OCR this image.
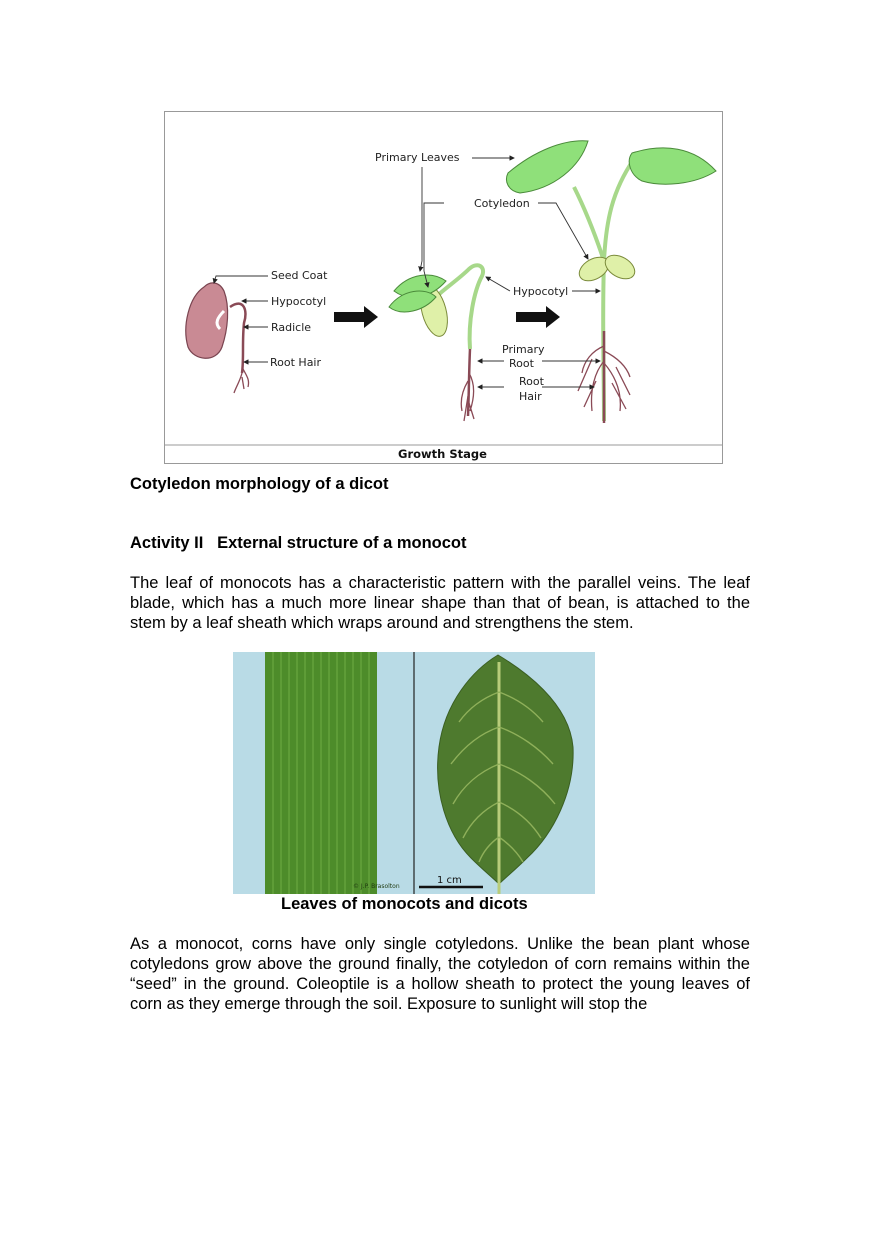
Primary Leaves
Cotyledon
Seed Coat
Hypocotyl
Radicle
Root Hair
Hypocotyl
Primary
Root
Root
Hair
Growth Stage
Cotyledon morphology of a dicot
Activity II   External structure of a monocot
The leaf of monocots has a characteristic pattern with the parallel veins. The leaf blade, which has a much more linear shape than that of bean, is attached to the stem by a leaf sheath which wraps around and strengthens the stem.
1 cm
© J.P. Brasolton
Leaves of monocots and dicots
As a monocot, corns have only single cotyledons. Unlike the bean plant whose cotyledons grow above the ground finally, the cotyledon of corn remains within the “seed” in the ground. Coleoptile is a hollow sheath to protect the young leaves of corn as they emerge through the soil. Exposure to sunlight will stop the
